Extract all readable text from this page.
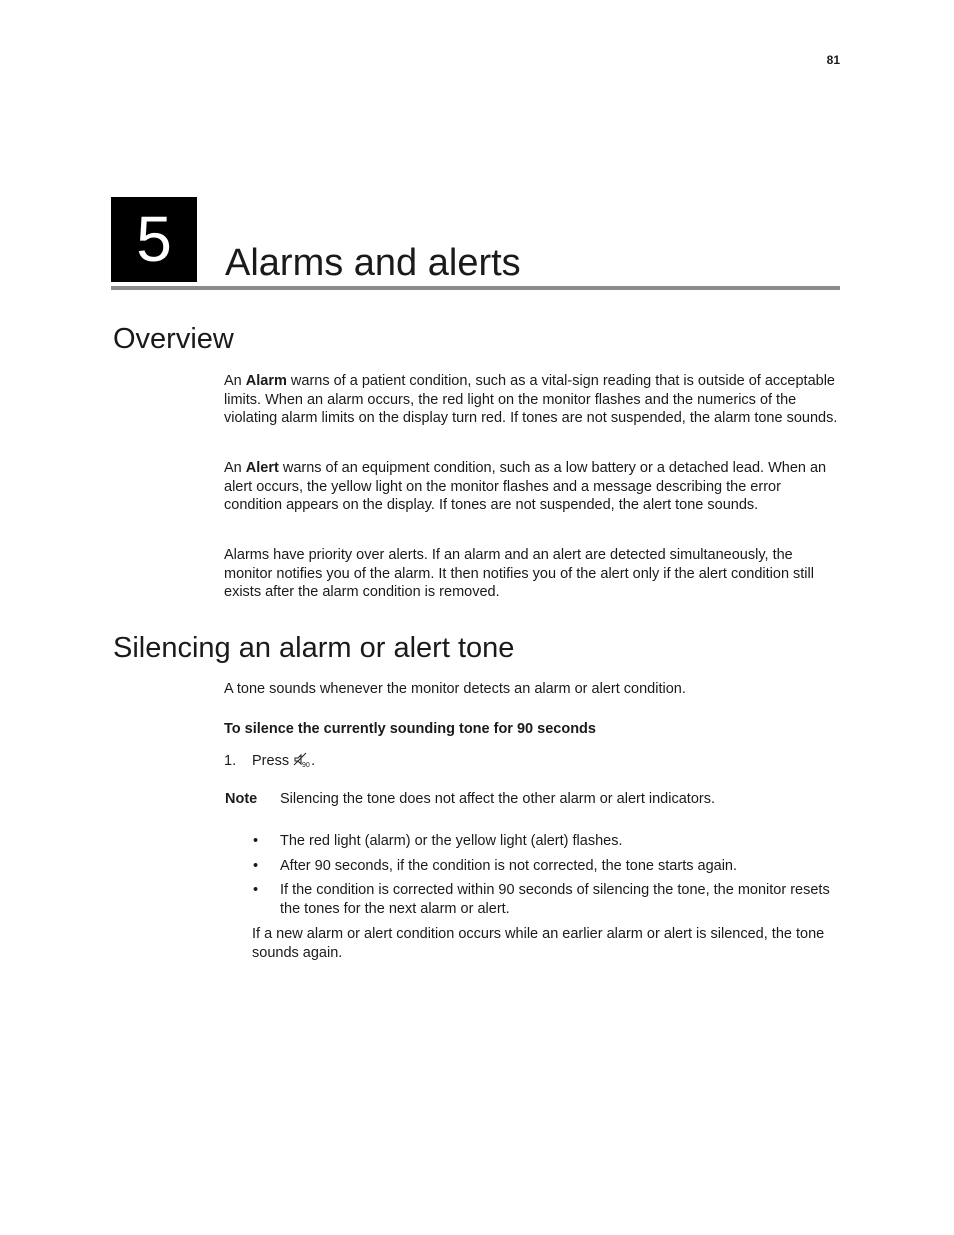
81
5	Alarms and alerts
Overview

An Alarm warns of a patient condition, such as a vital-sign reading that is outside of acceptable limits. When an alarm occurs, the red light on the monitor flashes and the numerics of the violating alarm limits on the display turn red. If tones are not suspended, the alarm tone sounds.

An Alert warns of an equipment condition, such as a low battery or a detached lead. When an alert occurs, the yellow light on the monitor flashes and a message describing the error condition appears on the display. If tones are not suspended, the alert tone sounds.

Alarms have priority over alerts. If an alarm and an alert are detected simultaneously, the monitor notifies you of the alarm. It then notifies you of the alert only if the alert condition still exists after the alarm condition is removed.

Silencing an alarm or alert tone

A tone sounds whenever the monitor detects an alarm or alert condition.

To silence the currently sounding tone for 90 seconds

1. Press 90 .
Note Silencing the tone does not affect the other alarm or alert indicators.
• The red light (alarm) or the yellow light (alert) flashes.
• After 90 seconds, if the condition is not corrected, the tone starts again.
• If the condition is corrected within 90 seconds of silencing the tone, the monitor resets the tones for the next alarm or alert.

If a new alarm or alert condition occurs while an earlier alarm or alert is silenced, the tone sounds again.
